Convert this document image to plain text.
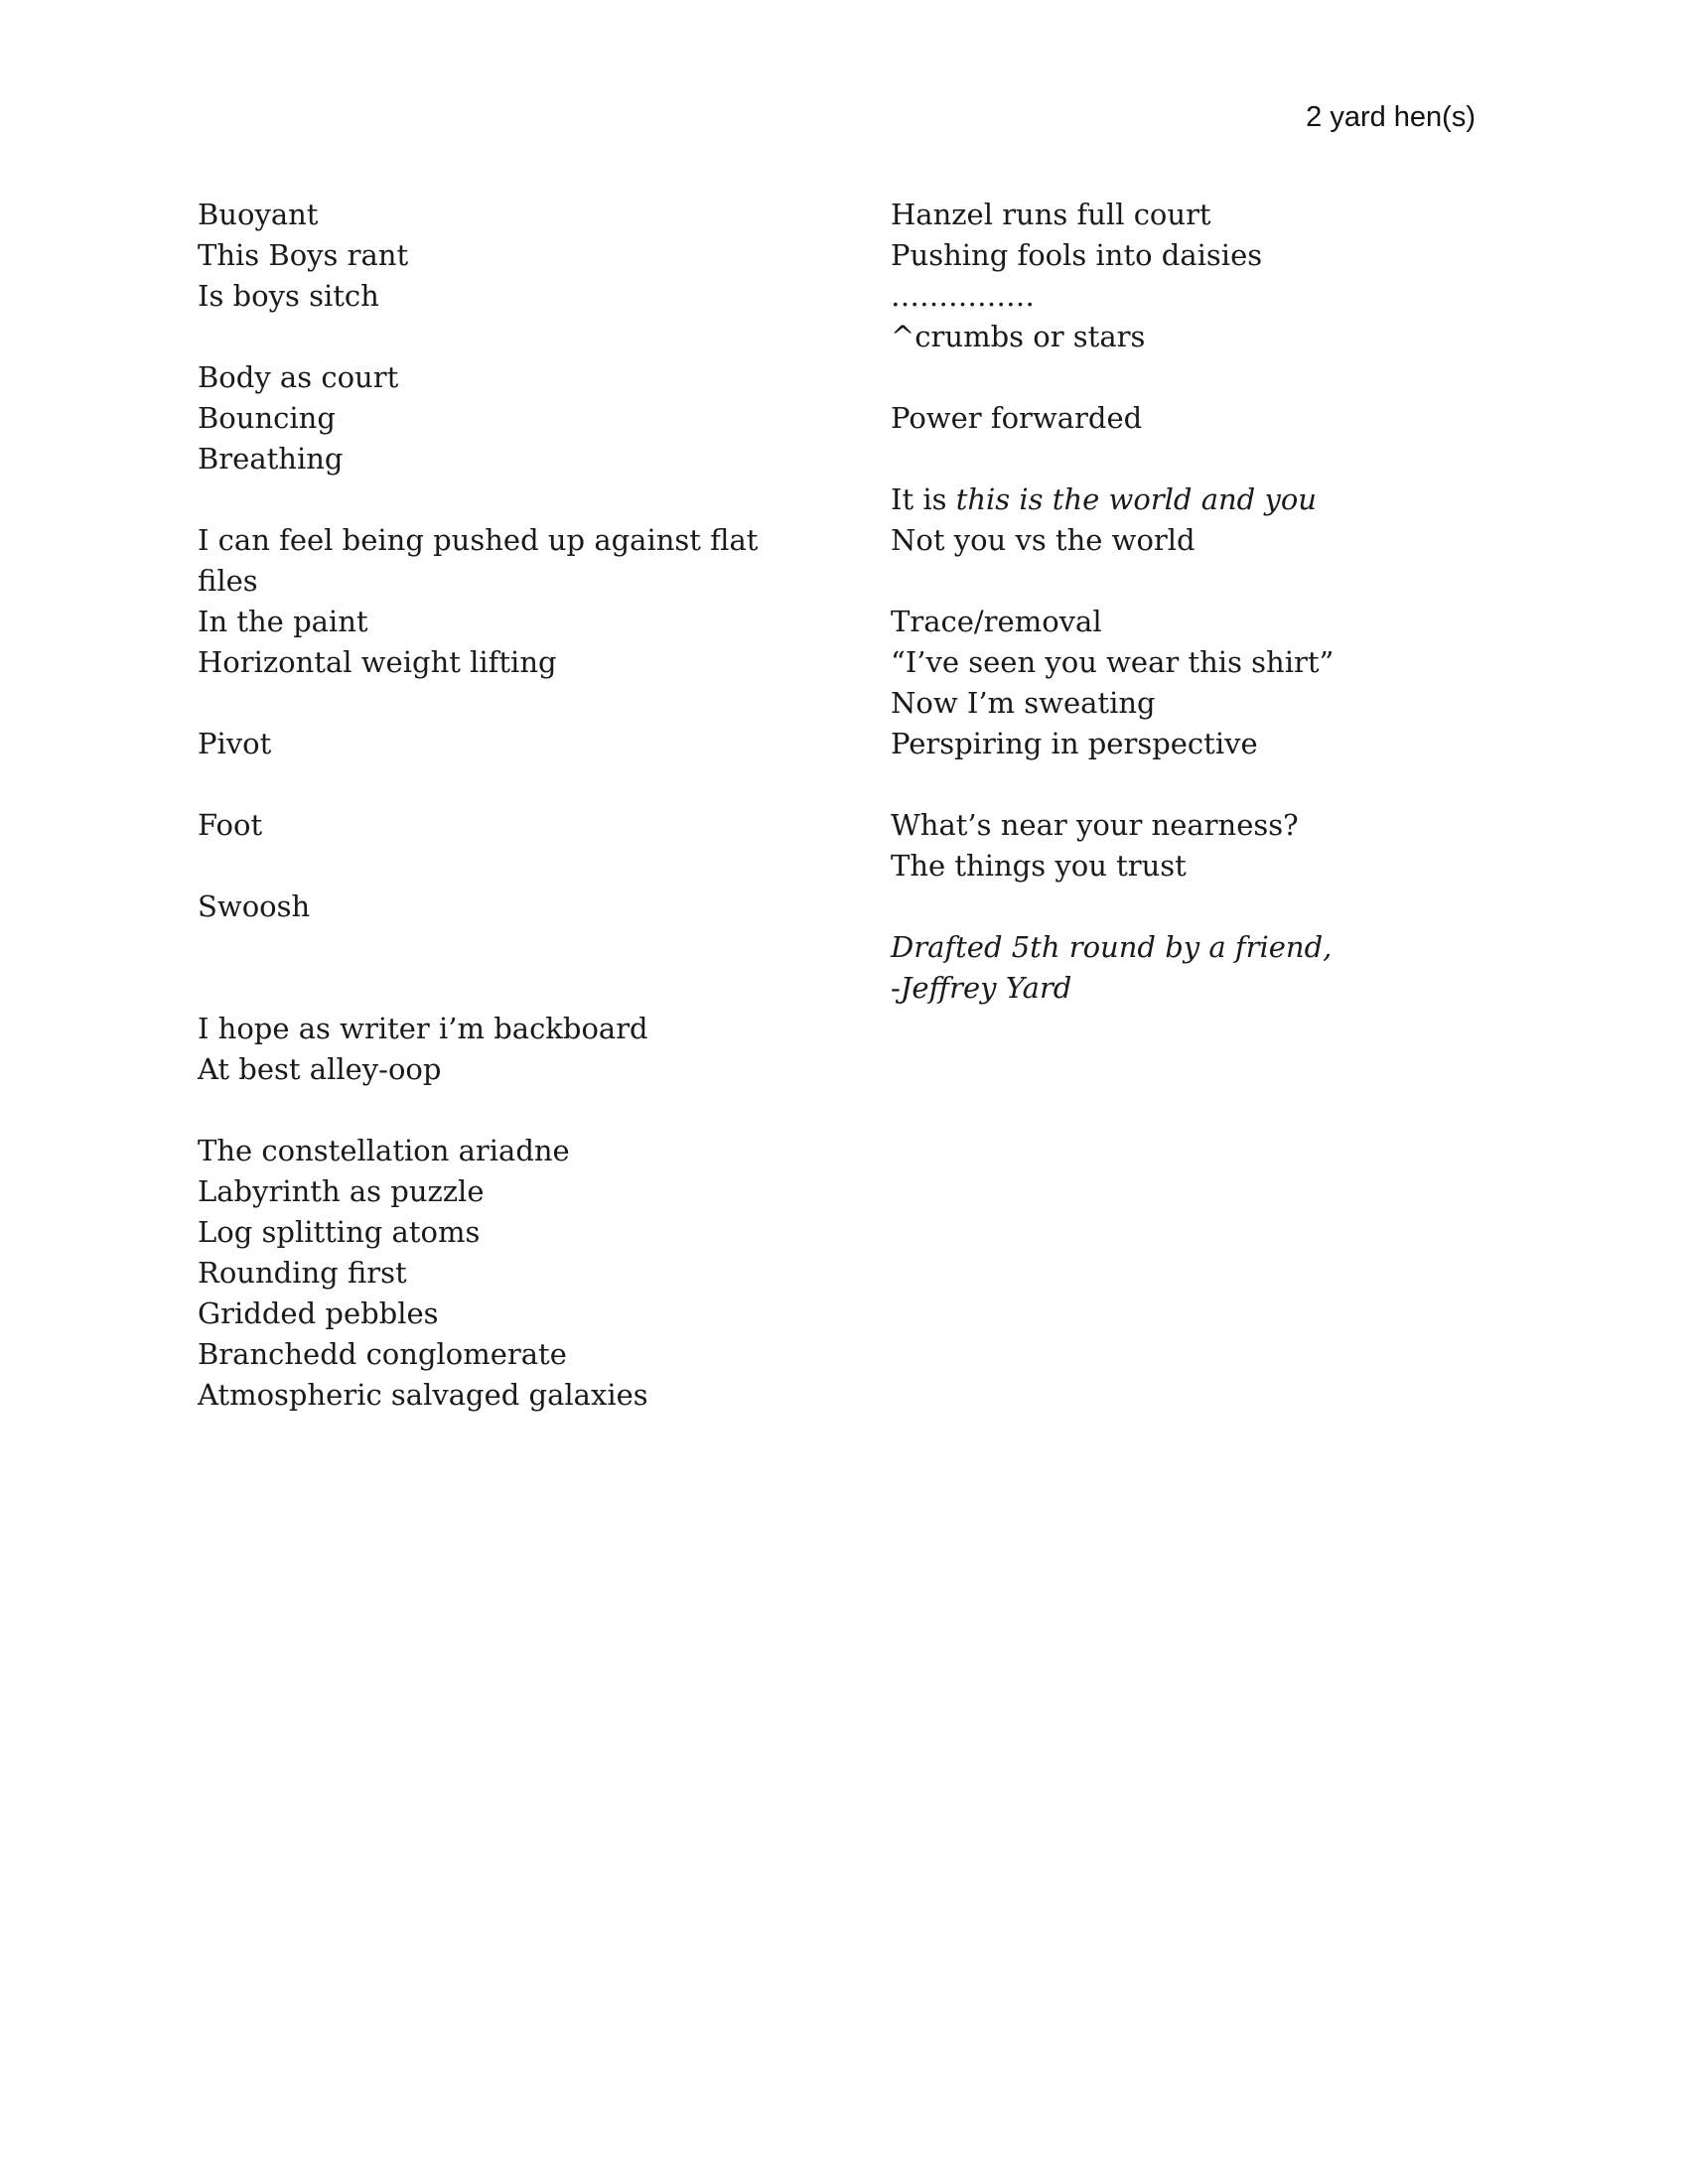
2 yard hen(s)
Buoyant
This Boys rant
Is boys sitch
Body as court
Bouncing
Breathing
I can feel being pushed up against flat files
In the paint
Horizontal weight lifting
Pivot
Foot
Swoosh
I hope as writer i’m backboard
At best alley-oop
The constellation ariadne
Labyrinth as puzzle
Log splitting atoms
Rounding first
Gridded pebbles
Branchedd conglomerate
Atmospheric salvaged galaxies
Hanzel runs full court
Pushing fools into daisies
……………
^crumbs or stars
Power forwarded
It is this is the world and you
Not you vs the world
Trace/removal
“I’ve seen you wear this shirt”
Now I’m sweating
Perspiring in perspective
What’s near your nearness?
The things you trust
Drafted 5th round by a friend,
-Jeffrey Yard
